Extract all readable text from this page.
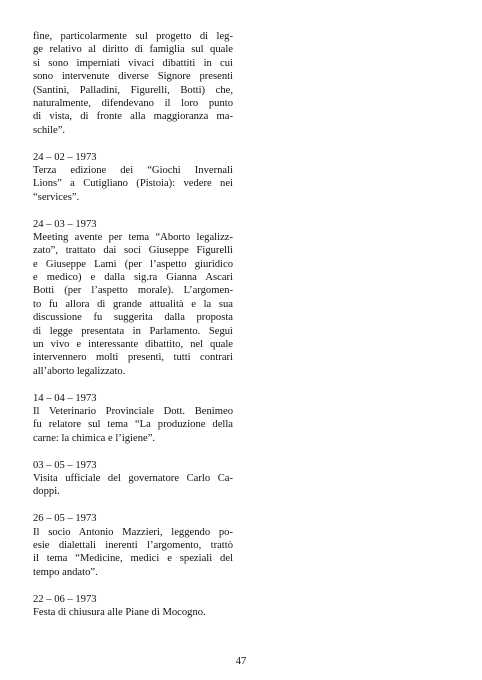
fine, particolarmente sul progetto di leg-
ge relativo al diritto di famiglia sul quale
si sono imperniati vivaci dibattiti in cui
sono intervenute diverse Signore presenti
(Santini, Palladini, Figurelli, Botti) che,
naturalmente, difendevano il loro punto
di vista, di fronte alla maggioranza ma-
schile”.
24 – 02 – 1973
Terza edizione dei “Giochi Invernali
Lions” a Cutigliano (Pistoia): vedere nei
“services”.
24 – 03 – 1973
Meeting avente per tema “Aborto legalizz-
zato”, trattato dai soci Giuseppe Figurelli
e Giuseppe Lami (per l’aspetto giuridico
e medico) e dalla sig.ra Gianna Ascari
Botti (per l’aspetto morale). L’argomen-
to fu allora di grande attualità e la sua
discussione fu suggerita dalla proposta
di legge presentata in Parlamento. Seguì
un vivo e interessante dibattito, nel quale
intervennero molti presenti, tutti contrari
all’aborto legalizzato.
14 – 04 – 1973
Il Veterinario Provinciale Dott. Benimeo
fu relatore sul tema “La produzione della
carne: la chimica e l’igiene”.
03 – 05 – 1973
Visita ufficiale del governatore Carlo Ca-
doppi.
26 – 05 – 1973
Il socio Antonio Mazzieri, leggendo po-
esie dialettali inerenti l’argomento, trattò
il tema “Medicine, medici e speziali del
tempo andato”.
22 – 06 – 1973
Festa di chiusura alle Piane di Mocogno.
47
